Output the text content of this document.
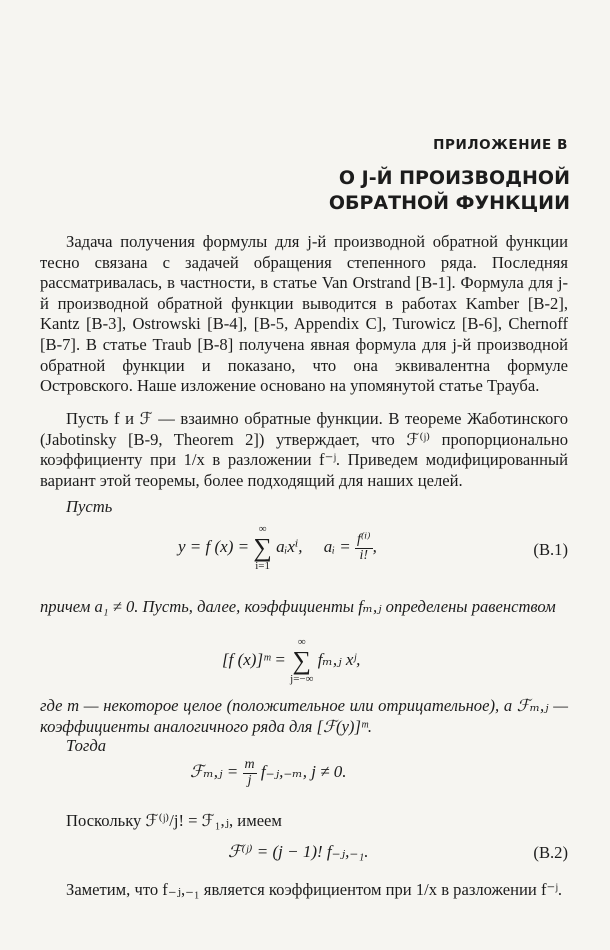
ПРИЛОЖЕНИЕ В

О J-Й ПРОИЗВОДНОЙ
ОБРАТНОЙ ФУНКЦИИ

Задача получения формулы для j-й производной обратной функции тесно связана с задачей обращения степенного ряда. Последняя рассматривалась, в частности, в статье Van Orstrand [B-1]. Формула для j-й производной обратной функции выводится в работах Kamber [B-2], Kantz [B-3], Ostrowski [B-4], [B-5, Appendix C], Turowicz [B-6], Chernoff [B-7]. В статье Traub [B-8] получена явная формула для j-й производной обратной функции и показано, что она эквивалентна формуле Островского. Наше изложение основано на упомянутой статье Трауба.

Пусть f и ℱ — взаимно обратные функции. В теореме Жаботинского (Jabotinsky [B-9, Theorem 2]) утверждает, что ℱ⁽ʲ⁾ пропорционально коэффициенту при 1/x в разложении f⁻ʲ. Приведем модифицированный вариант этой теоремы, более подходящий для наших целей.

Пусть

y = f (x) =
∞
∑
i=1
aᵢxⁱ, aᵢ = $\frac{\text{f⁽ⁱ⁾}}{i!}$ ,	(В.1)

причем a₁ ≠ 0. Пусть, далее, коэффициенты fₘ,ⱼ определены равенством

[f (x)]ᵐ =
∞
∑
j=−∞
fₘ,ⱼ xʲ,

где m — некоторое целое (положительное или отрицательное), а ℱₘ,ⱼ — коэффициенты аналогичного ряда для [ℱ(y)]ᵐ.

Тогда

ℱₘ,ⱼ = $\frac{m}{j}$ f₋ⱼ,₋ₘ, j ≠ 0.

Поскольку ℱ⁽ʲ⁾/j! = ℱ₁,ⱼ, имеем

ℱ⁽ʲ⁾ = (j − 1)! f₋ⱼ,₋₁.	(В.2)

Заметим, что f₋ⱼ,₋₁ является коэффициентом при 1/x в разложении f⁻ʲ.
